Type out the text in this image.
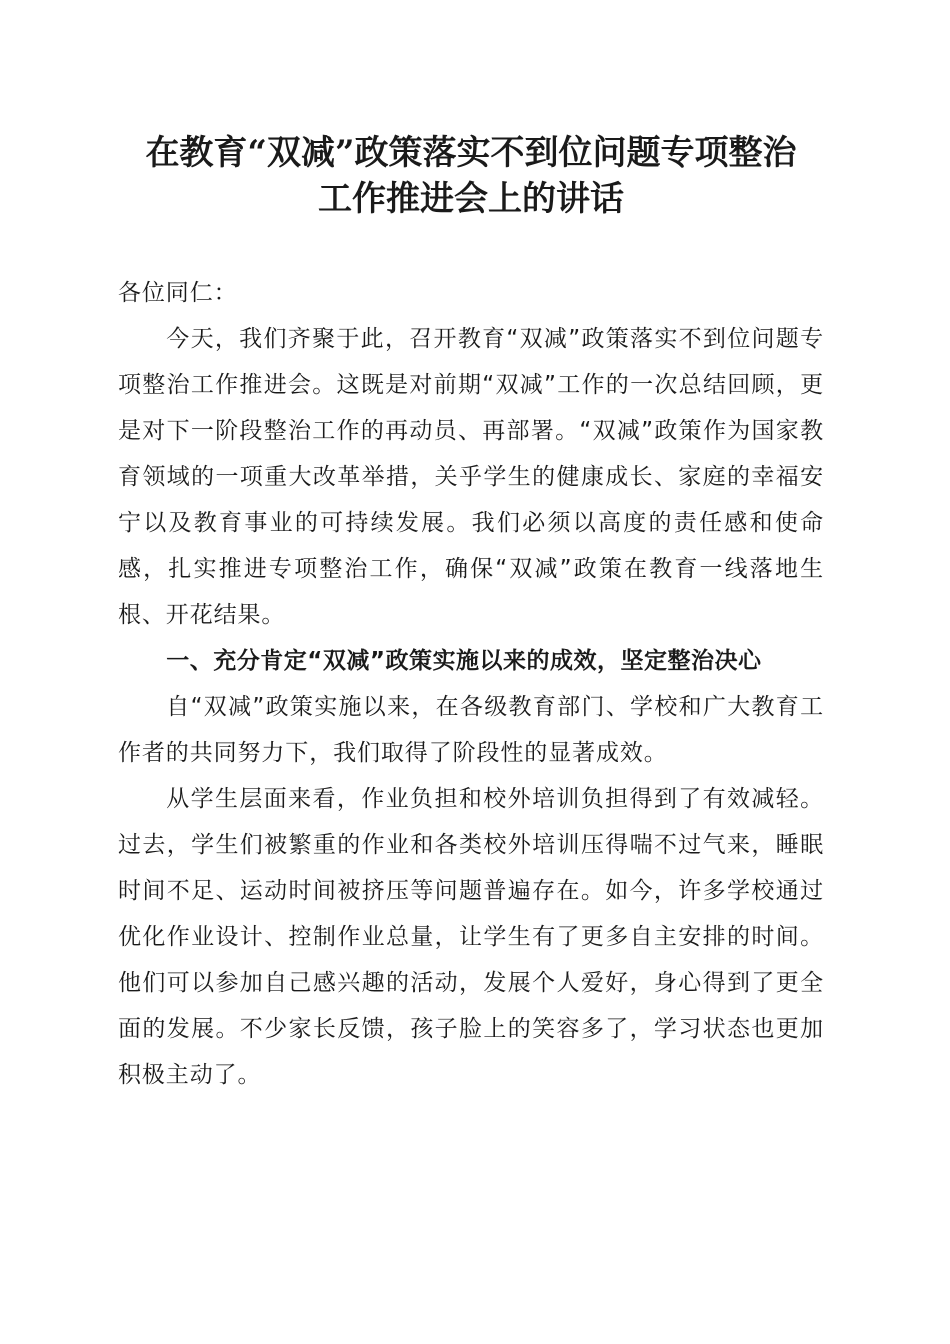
在教育“双减”政策落实不到位问题专项整治
工作推进会上的讲话

各位同仁：

今天，我们齐聚于此，召开教育“双减”政策落实不到位问题专项整治工作推进会。这既是对前期“双减”工作的一次总结回顾，更是对下一阶段整治工作的再动员、再部署。“双减”政策作为国家教育领域的一项重大改革举措，关乎学生的健康成长、家庭的幸福安宁以及教育事业的可持续发展。我们必须以高度的责任感和使命感，扎实推进专项整治工作，确保“双减”政策在教育一线落地生根、开花结果。

一、充分肯定“双减”政策实施以来的成效，坚定整治决心

自“双减”政策实施以来，在各级教育部门、学校和广大教育工作者的共同努力下，我们取得了阶段性的显著成效。

从学生层面来看，作业负担和校外培训负担得到了有效减轻。过去，学生们被繁重的作业和各类校外培训压得喘不过气来，睡眠时间不足、运动时间被挤压等问题普遍存在。如今，许多学校通过优化作业设计、控制作业总量，让学生有了更多自主安排的时间。他们可以参加自己感兴趣的活动，发展个人爱好，身心得到了更全面的发展。不少家长反馈，孩子脸上的笑容多了，学习状态也更加积极主动了。
